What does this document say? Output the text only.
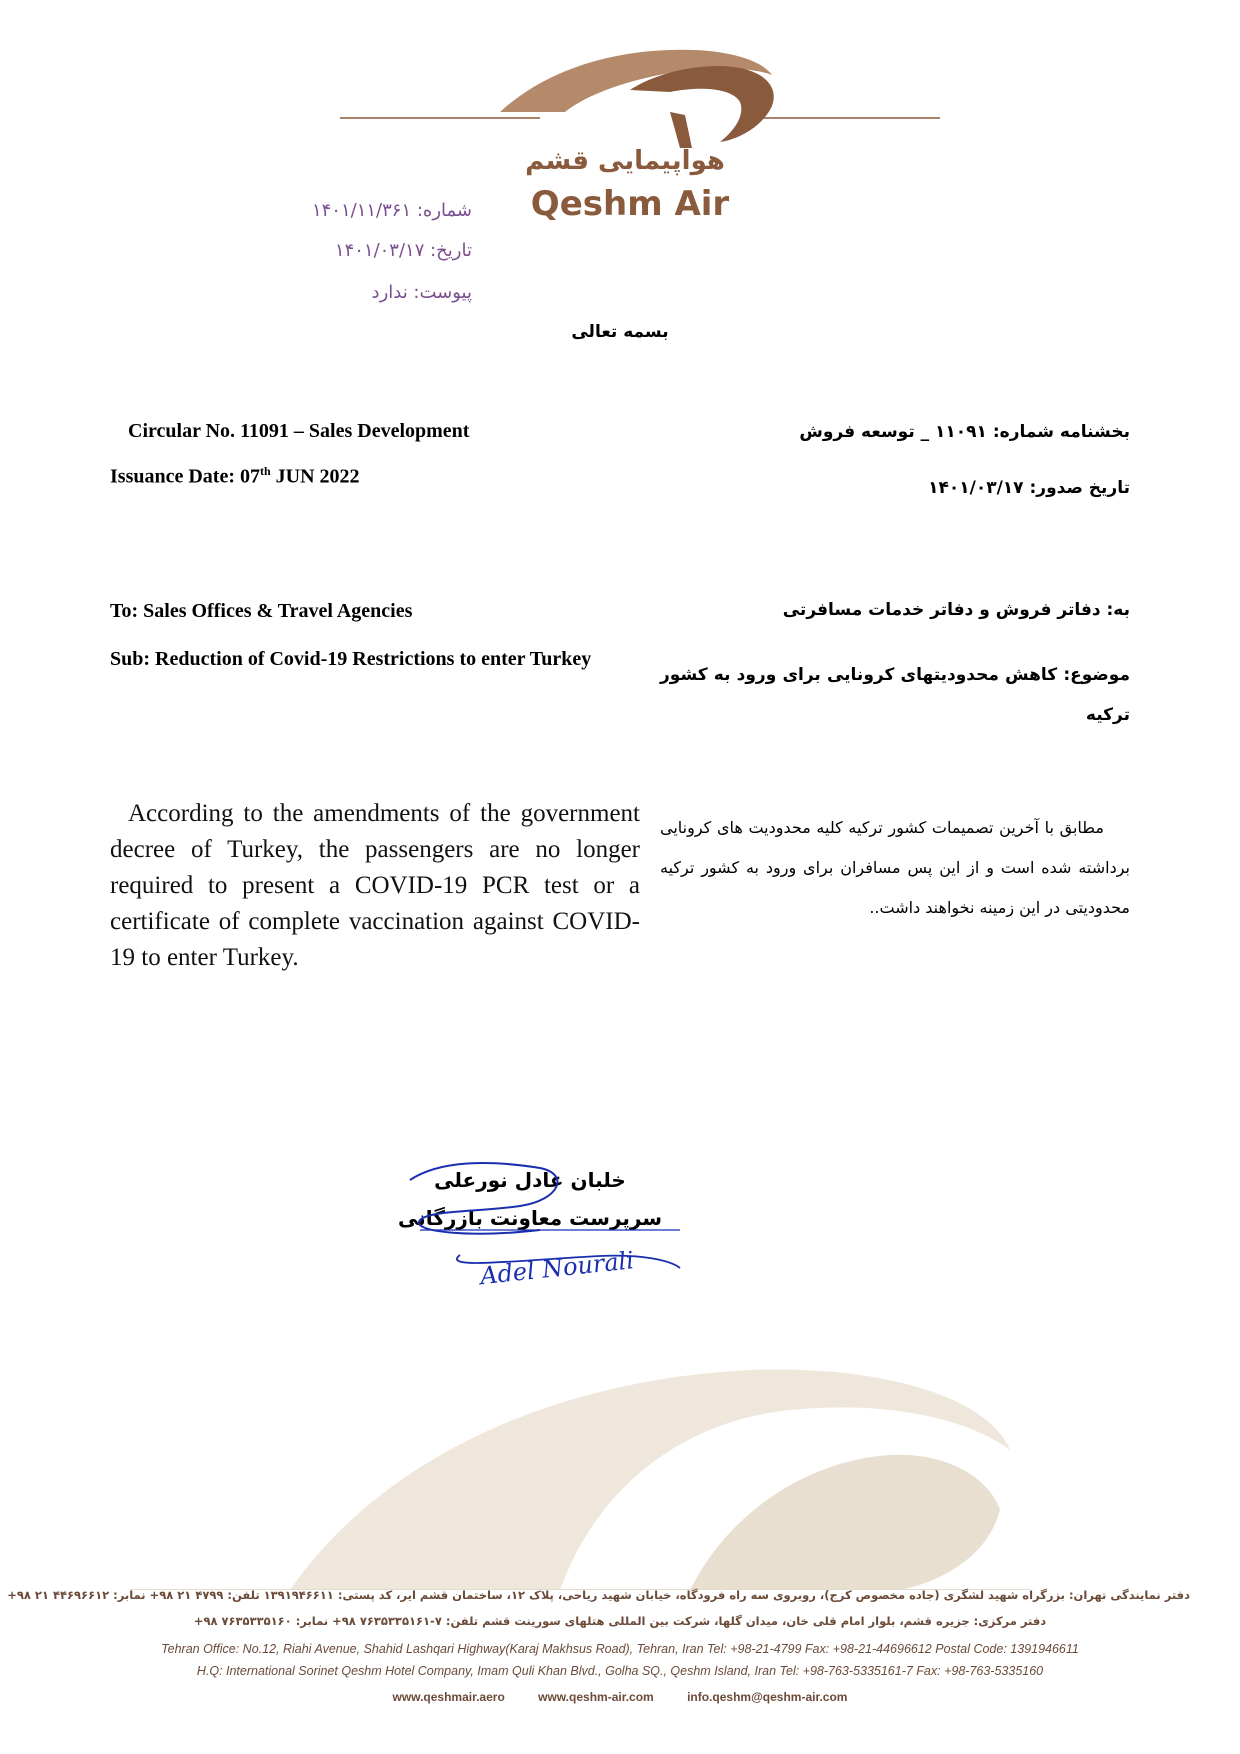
هواپیمایی قشم
Qeshm Air
شماره: ۱۴۰۱/۱۱/۳۶۱
تاریخ: ۱۴۰۱/۰۳/۱۷
پیوست: ندارد
بسمه تعالی
Circular No. 11091 – Sales Development
Issuance Date: 07th JUN 2022
بخشنامه شماره: ۱۱۰۹۱ _ توسعه فروش
تاریخ صدور: ۱۴۰۱/۰۳/۱۷
To: Sales Offices & Travel Agencies
Sub: Reduction of Covid-19 Restrictions to enter Turkey
به: دفاتر فروش و دفاتر خدمات مسافرتی
موضوع: کاهش محدودیتهای کرونایی برای ورود به کشور ترکیه
According to the amendments of the government decree of Turkey, the passengers are no longer required to present a COVID-19 PCR test or a certificate of complete vaccination against COVID-19 to enter Turkey.
مطابق با آخرین تصمیمات کشور ترکیه کلیه محدودیت های کرونایی برداشته شده است و از این پس مسافران برای ورود به کشور ترکیه محدودیتی در این زمینه نخواهند داشت..
خلبان عادل نورعلی
سرپرست معاونت بازرگانی
Adel Nourali
دفتر نمایندگی تهران: بزرگراه شهید لشگری (جاده مخصوص کرج)، روبروی سه راه فرودگاه، خیابان شهید ریاحی، پلاک ۱۲، ساختمان قشم ایر، کد پستی: ۱۳۹۱۹۴۶۶۱۱ تلفن: ۴۷۹۹ ۲۱ ۹۸+ نمابر: ۴۴۶۹۶۶۱۲ ۲۱ ۹۸+
دفتر مرکزی: جزیره قشم، بلوار امام قلی خان، میدان گلها، شرکت بین المللی هتلهای سورینت قشم تلفن: ۷-۷۶۳۵۳۳۵۱۶۱ ۹۸+ نمابر: ۷۶۳۵۳۳۵۱۶۰ ۹۸+
Tehran Office: No.12, Riahi Avenue, Shahid Lashqari Highway(Karaj Makhsus Road), Tehran, Iran Tel: +98-21-4799 Fax: +98-21-44696612 Postal Code: 1391946611
H.Q: International Sorinet Qeshm Hotel Company, Imam Quli Khan Blvd., Golha SQ., Qeshm Island, Iran Tel: +98-763-5335161-7 Fax: +98-763-5335160
www.qeshmair.aero	www.qeshm-air.com	info.qeshm@qeshm-air.com
